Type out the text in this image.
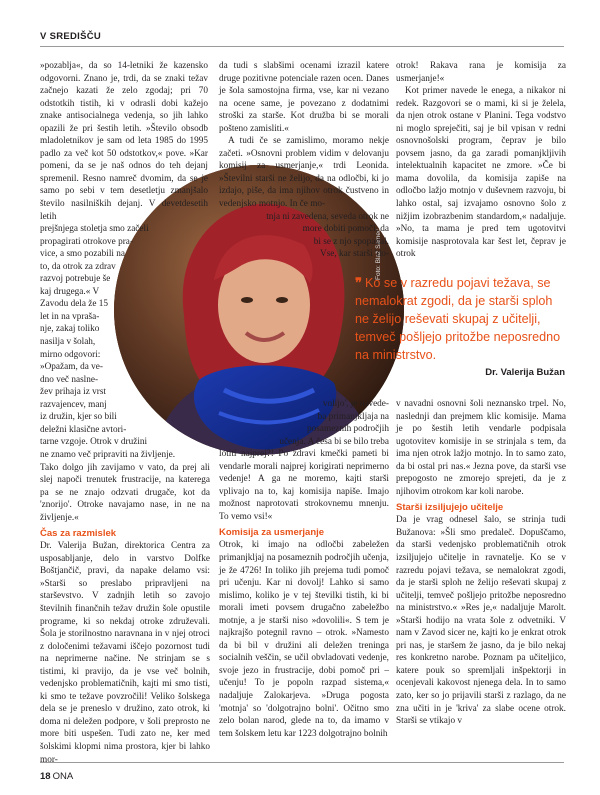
V SREDIŠČU
Foto: Blaž Samec

»pozablja«, da so 14-letniki že kazensko odgovorni. Znano je, trdi, da se znaki težav začnejo kazati že zelo zgodaj; pri 70 odstotkih tistih, ki v odrasli dobi kažejo znake antisocialnega vedenja, so jih lahko opazili že pri šestih letih. »Število obsodb mladoletnikov je sam od leta 1985 do 1995 padlo za več kot 50 odstotkov,« pove. »Kar pomeni, da se je naš odnos do teh dejanj spremenil. Resno namreč dvomim, da se je samo po sebi v tem desetletju zmanjšalo število nasilniških dejanj. V devetdesetih letih

prejšnjega stoletja smo začeli
propagirati otrokove pra-
vice, a smo pozabili na
to, da otrok za zdrav
razvoj potrebuje še
kaj drugega.« V
Zavodu dela že 15
let in na vpraša-
nje, zakaj toliko
nasilja v šolah,
mirno odgovori:
»Opažam, da ve-
dno več naslne-
žev prihaja iz vrst
razvajencev, manj
iz družin, kjer so bili
deležni klasične avtori-
tarne vzgoje. Otrok v družini
ne znamo več pripraviti na življenje.

Tako dolgo jih zavijamo v vato, da prej ali slej napoči trenutek frustracije, na katerega pa se ne znajo odzvati drugače, kot da 'znorijo'. Otroke navajamo nase, in ne na življenje.«

Čas za razmislek

Dr. Valerija Bužan, direktorica Centra za usposabljanje, delo in varstvo Dolfke Boštjančič, pravi, da napake delamo vsi: »Starši so preslabo pripravljeni na starševstvo. V zadnjih letih so zavojo številnih finančnih težav družin šole opustile programe, ki so nekdaj otroke združevali. Šola je storilnostno naravnana in v njej otroci z določenimi težavami iščejo pozornost tudi na neprimerne načine. Ne strinjam se s tistimi, ki pravijo, da je vse več bolnih, vedenjsko problematičnih, kajti mi smo tisti, ki smo te težave povzročili! Veliko šolskega dela se je preneslo v družino, zato otrok, ki doma ni deležen podpore, v šoli preprosto ne more biti uspešen. Tudi zato ne, ker med šolskimi klopmi nima prostora, kjer bi lahko mor-

da tudi s slabšimi ocenami izrazil katere druge pozitivne potenciale razen ocen. Danes je šola samostojna firma, vse, kar ni vezano na ocene same, je povezano z dodatnimi stroški za starše. Kot družba bi se morali pošteno zamisliti.«

A tudi če se zamislimo, moramo nekje začeti. »Osnovni problem vidim v delovanju komisij za usmerjanje,« trdi Leonida. »Številni starši ne želijo, da na odločbi, ki jo izdajo, piše, da ima njihov otrok čustveno in vedenjsko motnjo. In če mo-

tnja ni zavedena, seveda otrok ne
more dobiti pomoči, da
bi se z njo spopadal.
Vse, kar starši 'do-

volijo', je navede-
ba primanjkljaja na
posameznih področjih
učenja. A česa bi se bilo treba

lotiti najprej?! Po zdravi kmečki pameti bi vendarle morali najprej korigirati neprimerno vedenje! A ga ne moremo, kajti starši vplivajo na to, kaj komisija napiše. Imajo možnost naprotovati strokovnemu mnenju. To vemo vsi!«

Komisija za usmerjanje

Otrok, ki imajo na odločbi zabeležen primanjkljaj na posameznih področjih učenja, je že 4726! In toliko jih prejema tudi pomoč pri učenju. Kar ni dovolj! Lahko si samo mislimo, koliko je v tej številki tistih, ki bi morali imeti povsem drugačno zabeležbo motnje, a je starši niso »dovolili«. S tem je najkrajšo potegnil ravno – otrok. »Namesto da bi bil v družini ali deležen treninga socialnih veščin, se učil obvladovati vedenje, svoje jezo in frustracije, dobi pomoč pri – učenju! To je popoln razpad sistema,« nadaljuje Zalokarjeva. »Druga pogosta 'motnja' so 'dolgotrajno bolni'. Očitno smo zelo bolan narod, glede na to, da imamo v tem šolskem letu kar 1223 dolgotrajno bolnih

otrok! Rakava rana je komisija za usmerjanje!«

Kot primer navede le enega, a nikakor ni redek. Razgovori se o mami, ki si je želela, da njen otrok ostane v Planini. Tega vodstvo ni moglo spreječiti, saj je bil vpisan v redni osnovnošolski program, čeprav je bilo povsem jasno, da ga zaradi pomanjkljivih intelektualnih kapacitet ne zmore. »Če bi mama dovolila, da komisija zapiše na odločbo lažjo motnjo v duševnem razvoju, bi lahko ostal, saj izvajamo osnovno šolo z nižjim izobrazbenim standardom,« nadaljuje. »No, ta mama je pred tem ugotovitvi komisije nasprotovala kar šest let, čeprav je otrok

❞ Ko se v razredu pojavi težava, se
nemalokrat zgodi, da je starši sploh
ne želijo reševati skupaj z učitelji,
temveč pošljejo pritožbe neposredno
na ministrstvo.
Dr. Valerija Bužan

v navadni osnovni šoli neznansko trpel. No, naslednji dan prejmem klic komisije. Mama je po šestih letih vendarle podpisala ugotovitev komisije in se strinjala s tem, da ima njen otrok lažjo motnjo. In to samo zato, da bi ostal pri nas.« Jezna pove, da starši vse prepogosto ne zmorejo sprejeti, da je z njihovim otrokom kar koli narobe.

Starši izsiljujejo učitelje

Da je vrag odnesel šalo, se strinja tudi Bužanova: »Šli smo predaleč. Dopuščamo, da starši vedenjsko problematičnih otrok izsiljujejo učitelje in ravnatelje. Ko se v razredu pojavi težava, se nemalokrat zgodi, da je starši sploh ne želijo reševati skupaj z učitelji, temveč pošljejo pritožbe neposredno na ministrstvo.« »Res je,« nadaljuje Marolt. »Starši hodijo na vrata šole z odvetniki. V nam v Zavod sicer ne, kajti ko je enkrat otrok pri nas, je staršem že jasno, da je bilo nekaj res konkretno narobe. Poznam pa učiteljico, katere pouk so spremljali inšpektorji in ocenjevali kakovost njenega dela. In to samo zato, ker so jo prijavili starši z razlago, da ne zna učiti in je 'kriva' za slabe ocene otrok. Starši se vtikajo v

18 ONA
